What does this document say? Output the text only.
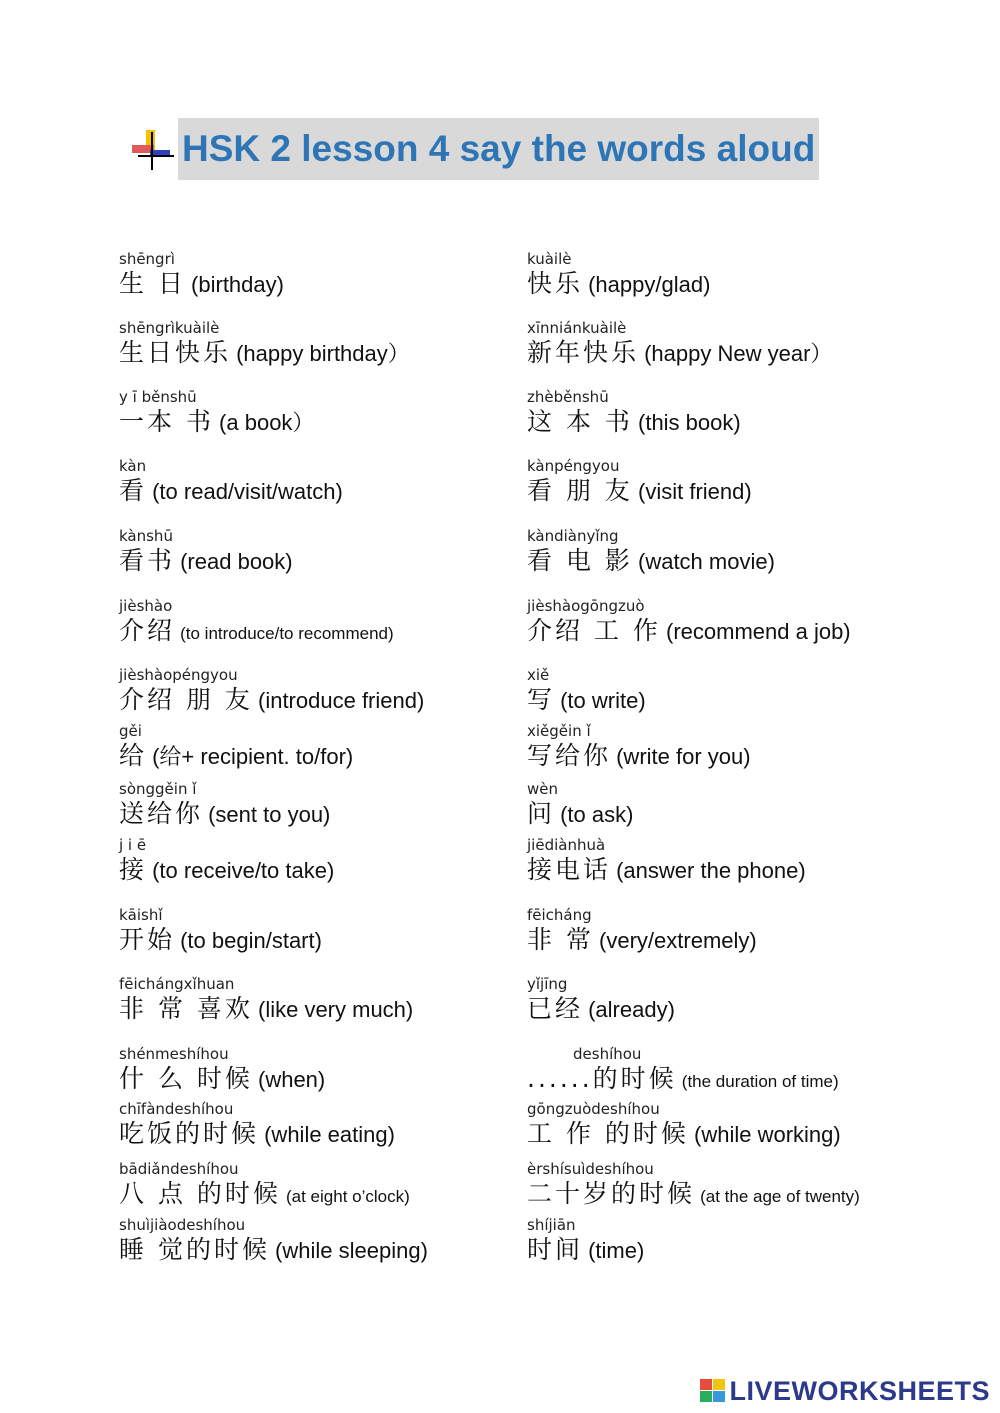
HSK 2 lesson 4 say the words aloud
shēngrì
生 日 (birthday)
shēngrìkuàilè
生日快乐 (happy birthday）
y ī běnshū
一本 书 (a book）
kàn
看 (to read/visit/watch)
kànshū
看书 (read book)
jièshào
介绍 (to introduce/to recommend)
jièshàopéngyou
介绍 朋 友 (introduce friend)
gěi
给 (给+ recipient. to/for)
sònggěin ǐ
送给你 (sent to you)
j i ē
接 (to receive/to take)
kāishǐ
开始 (to begin/start)
fēichángxǐhuan
非 常 喜欢 (like very much)
shénmeshíhou
什 么 时候 (when)
chīfàndeshíhou
吃饭的时候 (while eating)
bādiǎndeshíhou
八 点 的时候 (at eight o’clock)
shuìjiàodeshíhou
睡 觉的时候 (while sleeping)
kuàilè
快乐 (happy/glad)
xīnniánkuàilè
新年快乐 (happy New year）
zhèběnshū
这 本 书 (this book)
kànpéngyou
看 朋 友 (visit friend)
kàndiànyǐng
看 电 影 (watch movie)
jièshàogōngzuò
介绍 工 作 (recommend a job)
xiě
写 (to write)
xiěgěin ǐ
写给你 (write for you)
wèn
问 (to ask)
jiēdiànhuà
接电话 (answer the phone)
fēicháng
非 常 (very/extremely)
yǐjīng
已经 (already)
deshíhou
......的时候 (the duration of time)
gōngzuòdeshíhou
工 作 的时候 (while working)
èrshísuìdeshíhou
二十岁的时候 (at the age of twenty)
shíjiān
时间 (time)
LIVEWORKSHEETS
